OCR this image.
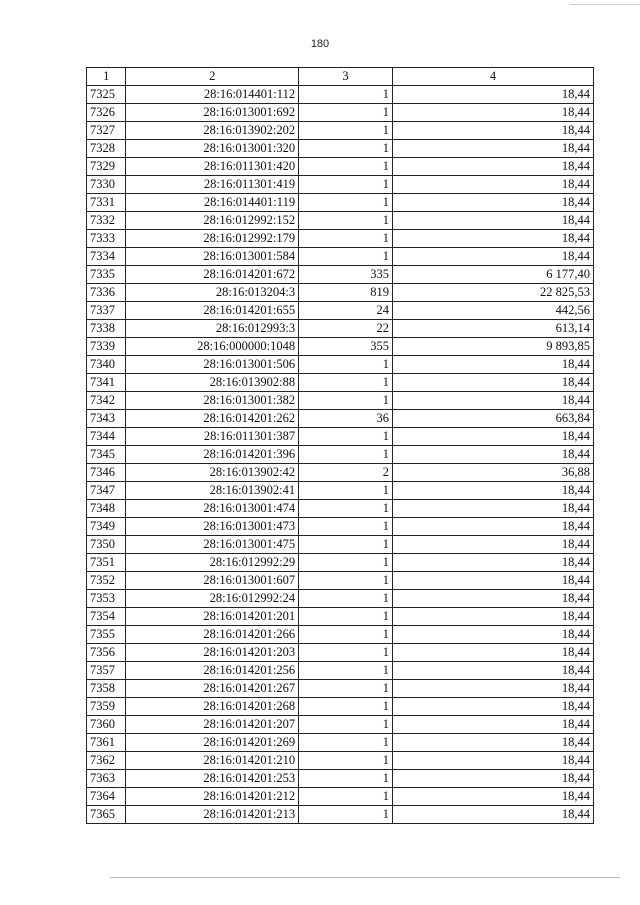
180
1	2	3	4
7325	28:16:014401:112	1	18,44
7326	28:16:013001:692	1	18,44
7327	28:16:013902:202	1	18,44
7328	28:16:013001:320	1	18,44
7329	28:16:011301:420	1	18,44
7330	28:16:011301:419	1	18,44
7331	28:16:014401:119	1	18,44
7332	28:16:012992:152	1	18,44
7333	28:16:012992:179	1	18,44
7334	28:16:013001:584	1	18,44
7335	28:16:014201:672	335	6 177,40
7336	28:16:013204:3	819	22 825,53
7337	28:16:014201:655	24	442,56
7338	28:16:012993:3	22	613,14
7339	28:16:000000:1048	355	9 893,85
7340	28:16:013001:506	1	18,44
7341	28:16:013902:88	1	18,44
7342	28:16:013001:382	1	18,44
7343	28:16:014201:262	36	663,84
7344	28:16:011301:387	1	18,44
7345	28:16:014201:396	1	18,44
7346	28:16:013902:42	2	36,88
7347	28:16:013902:41	1	18,44
7348	28:16:013001:474	1	18,44
7349	28:16:013001:473	1	18,44
7350	28:16:013001:475	1	18,44
7351	28:16:012992:29	1	18,44
7352	28:16:013001:607	1	18,44
7353	28:16:012992:24	1	18,44
7354	28:16:014201:201	1	18,44
7355	28:16:014201:266	1	18,44
7356	28:16:014201:203	1	18,44
7357	28:16:014201:256	1	18,44
7358	28:16:014201:267	1	18,44
7359	28:16:014201:268	1	18,44
7360	28:16:014201:207	1	18,44
7361	28:16:014201:269	1	18,44
7362	28:16:014201:210	1	18,44
7363	28:16:014201:253	1	18,44
7364	28:16:014201:212	1	18,44
7365	28:16:014201:213	1	18,44
